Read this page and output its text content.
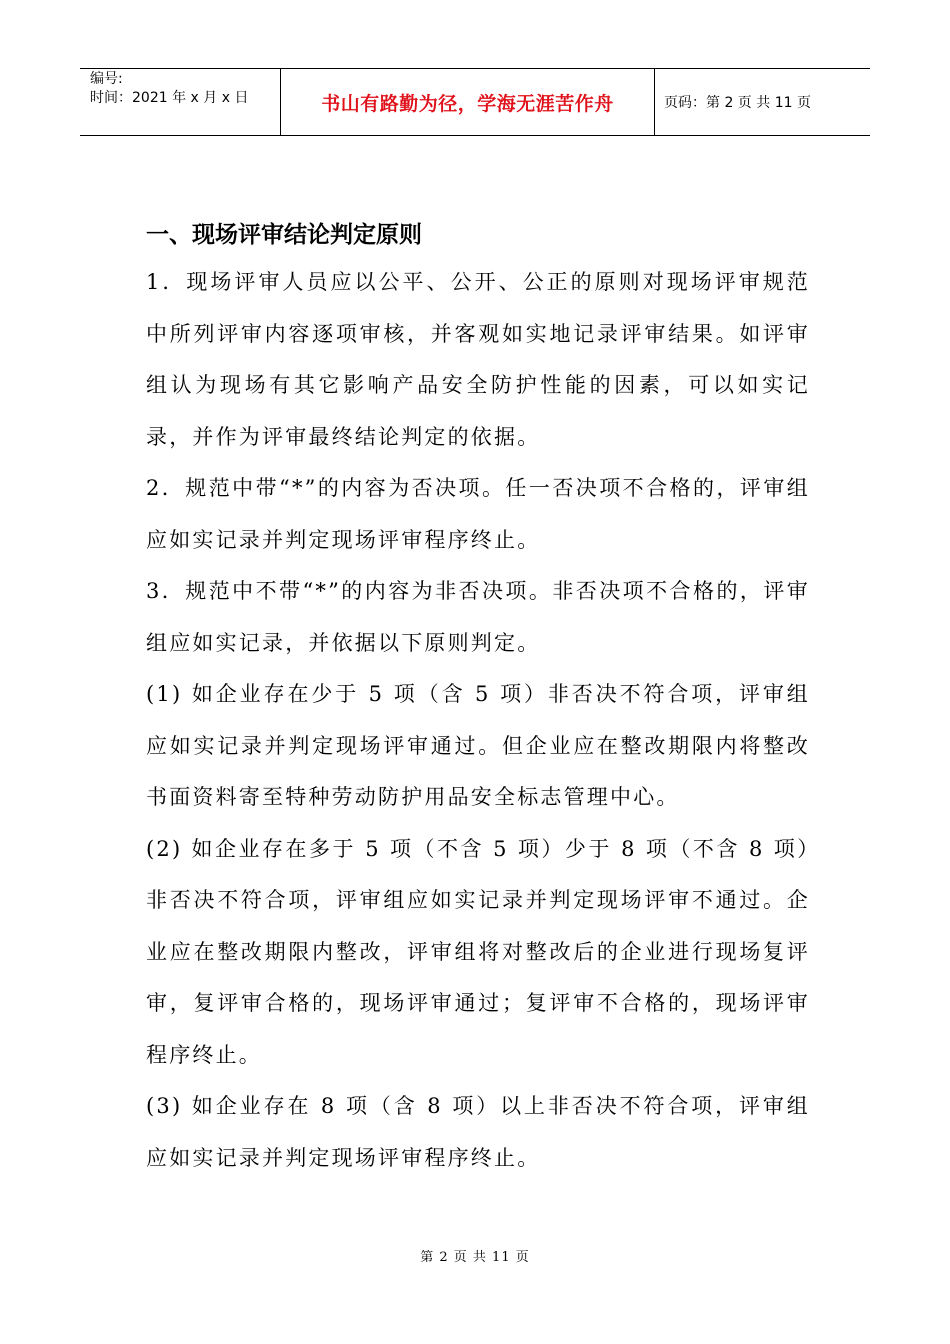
编号:
时间：2021 年 x 月 x 日	书山有路勤为径，学海无涯苦作舟	页码：第 2 页 共 11 页
一、现场评审结论判定原则

1．现场评审人员应以公平、公开、公正的原则对现场评审规范中所列评审内容逐项审核，并客观如实地记录评审结果。如评审组认为现场有其它影响产品安全防护性能的因素，可以如实记录，并作为评审最终结论判定的依据。

2．规范中带“*”的内容为否决项。任一否决项不合格的，评审组应如实记录并判定现场评审程序终止。

3．规范中不带“*”的内容为非否决项。非否决项不合格的，评审组应如实记录，并依据以下原则判定。

(1) 如企业存在少于 5 项（含 5 项）非否决不符合项，评审组应如实记录并判定现场评审通过。但企业应在整改期限内将整改书面资料寄至特种劳动防护用品安全标志管理中心。

(2) 如企业存在多于 5 项（不含 5 项）少于 8 项（不含 8 项）非否决不符合项，评审组应如实记录并判定现场评审不通过。企业应在整改期限内整改，评审组将对整改后的企业进行现场复评审，复评审合格的，现场评审通过；复评审不合格的，现场评审程序终止。

(3) 如企业存在 8 项（含 8 项）以上非否决不符合项，评审组应如实记录并判定现场评审程序终止。

第 2 页 共 11 页
